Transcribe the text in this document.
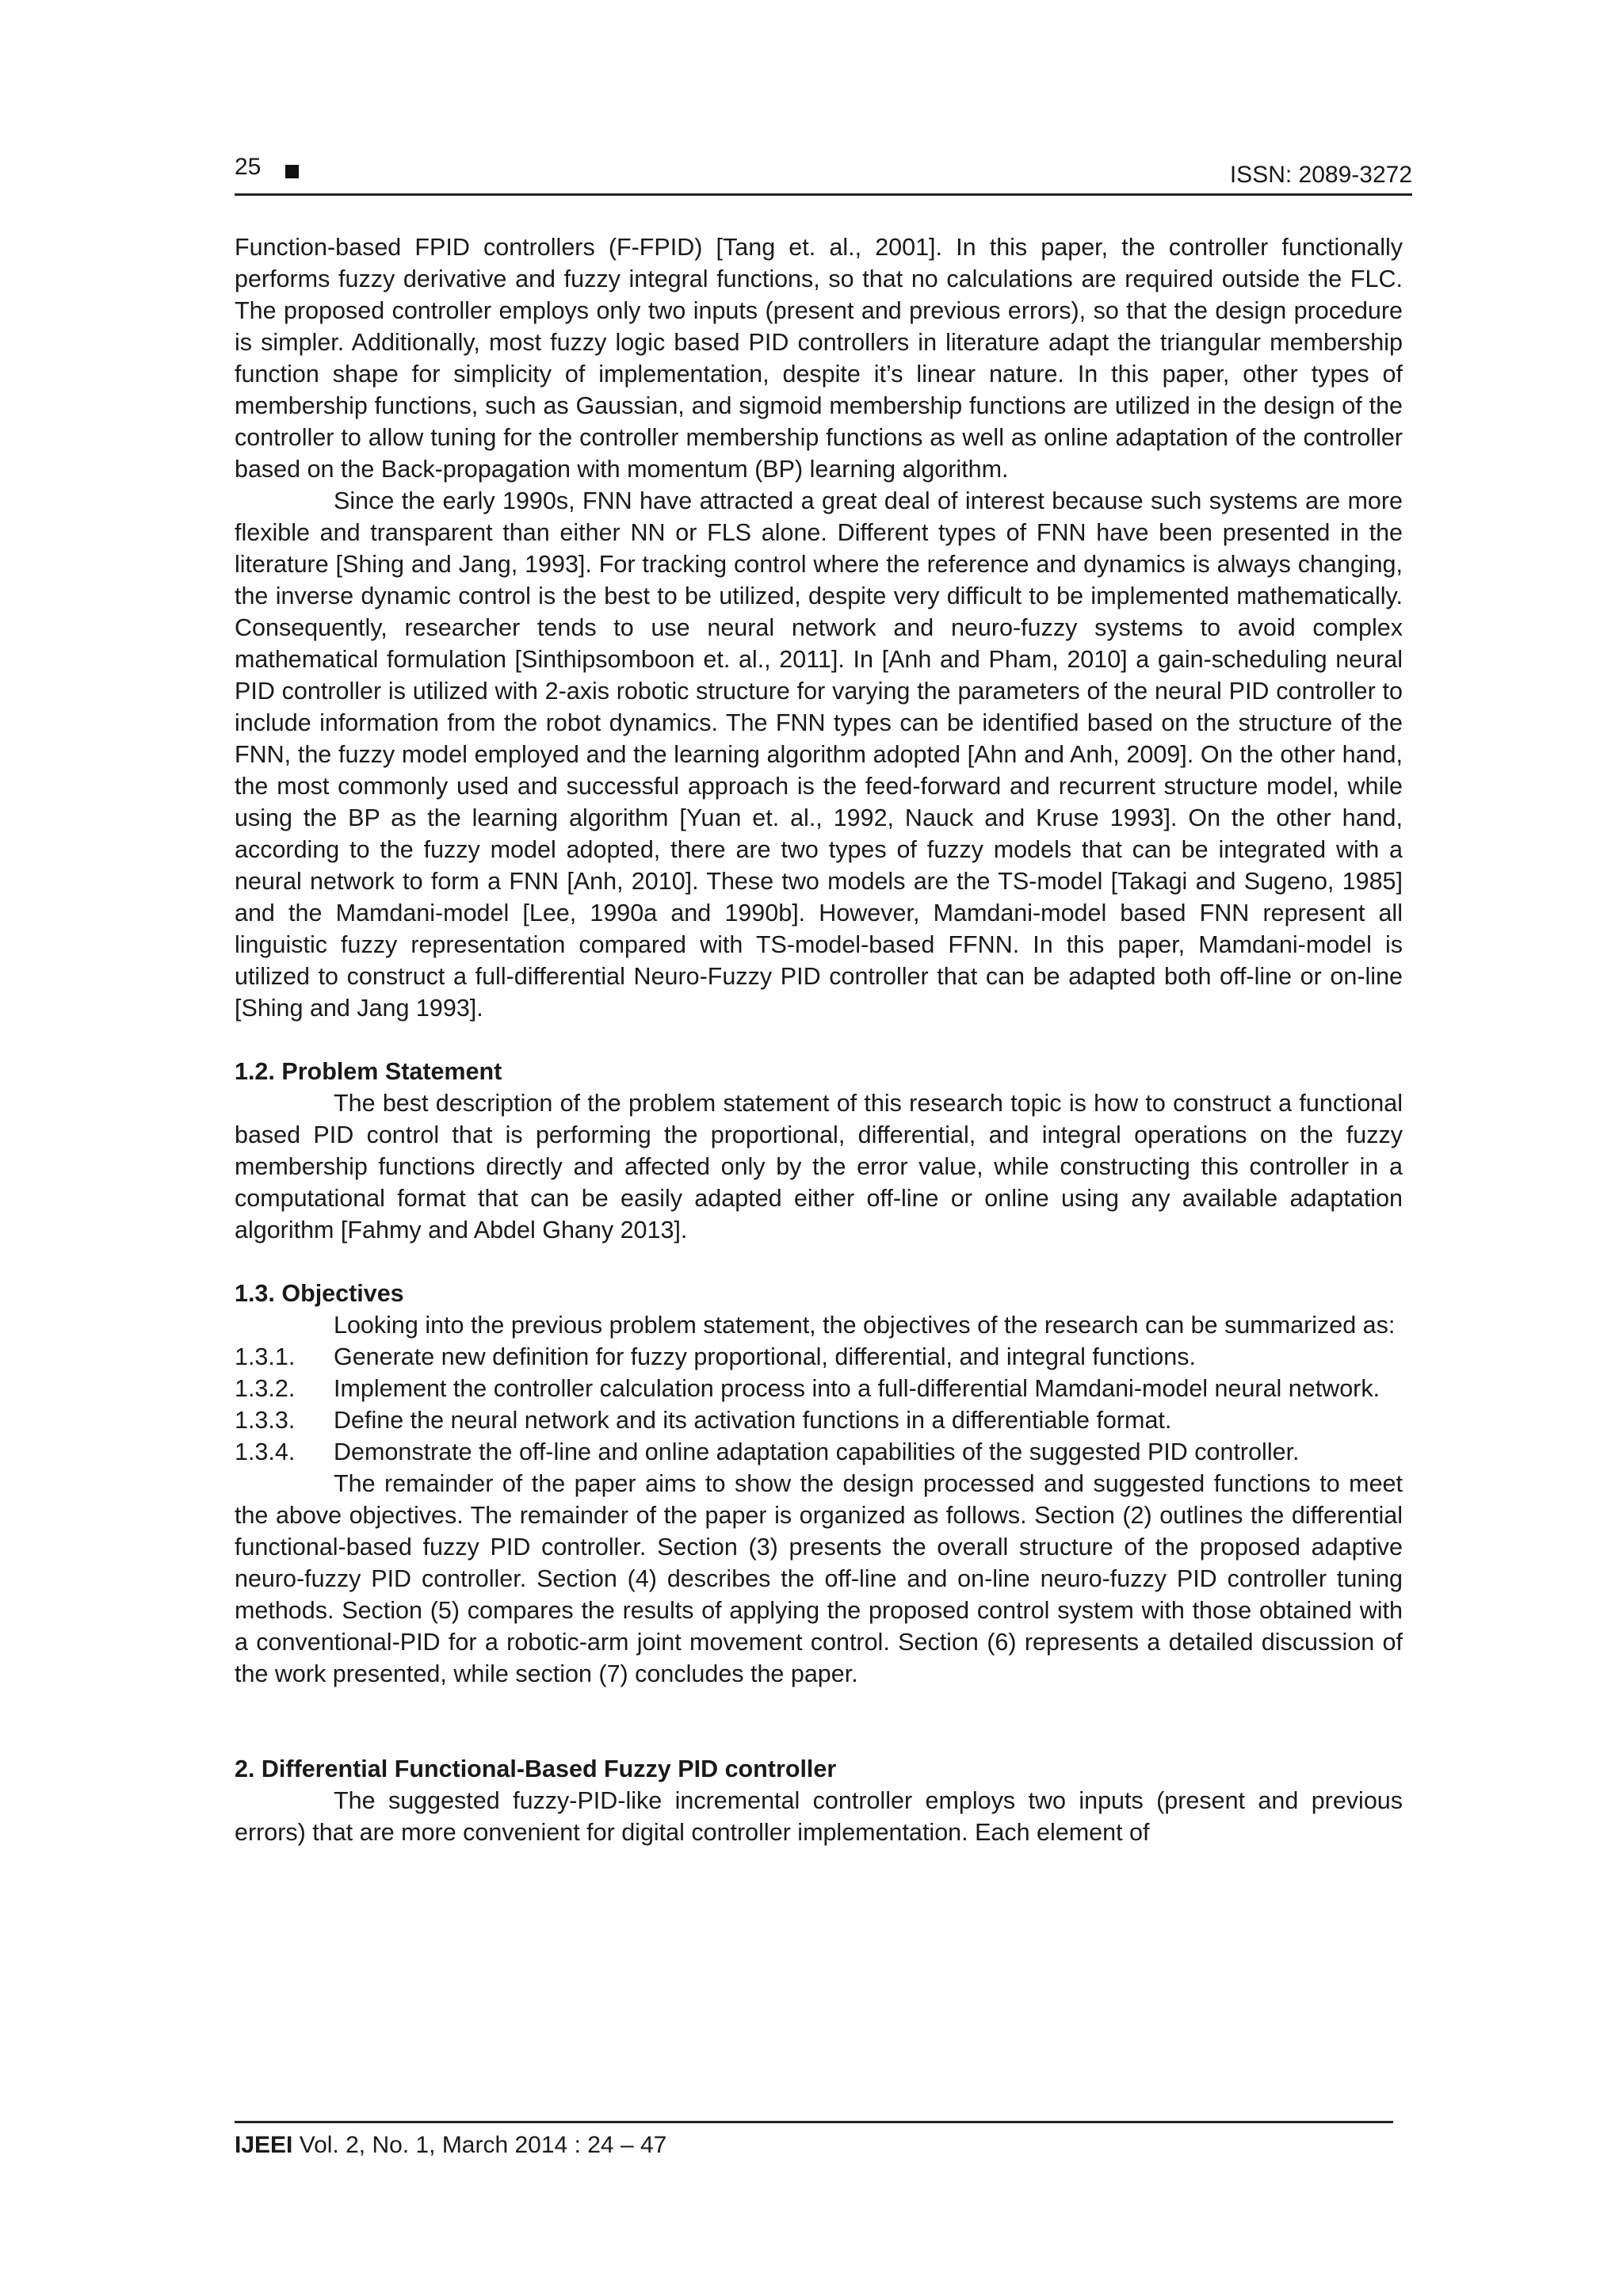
25	ISSN: 2089-3272

Function-based FPID controllers (F-FPID) [Tang et. al., 2001]. In this paper, the controller functionally performs fuzzy derivative and fuzzy integral functions, so that no calculations are required outside the FLC. The proposed controller employs only two inputs (present and previous errors), so that the design procedure is simpler. Additionally, most fuzzy logic based PID controllers in literature adapt the triangular membership function shape for simplicity of implementation, despite it’s linear nature. In this paper, other types of membership functions, such as Gaussian, and sigmoid membership functions are utilized in the design of the controller to allow tuning for the controller membership functions as well as online adaptation of the controller based on the Back-propagation with momentum (BP) learning algorithm.

Since the early 1990s, FNN have attracted a great deal of interest because such systems are more flexible and transparent than either NN or FLS alone. Different types of FNN have been presented in the literature [Shing and Jang, 1993]. For tracking control where the reference and dynamics is always changing, the inverse dynamic control is the best to be utilized, despite very difficult to be implemented mathematically. Consequently, researcher tends to use neural network and neuro-fuzzy systems to avoid complex mathematical formulation [Sinthipsomboon et. al., 2011]. In [Anh and Pham, 2010] a gain-scheduling neural PID controller is utilized with 2-axis robotic structure for varying the parameters of the neural PID controller to include information from the robot dynamics. The FNN types can be identified based on the structure of the FNN, the fuzzy model employed and the learning algorithm adopted [Ahn and Anh, 2009]. On the other hand, the most commonly used and successful approach is the feed-forward and recurrent structure model, while using the BP as the learning algorithm [Yuan et. al., 1992, Nauck and Kruse 1993]. On the other hand, according to the fuzzy model adopted, there are two types of fuzzy models that can be integrated with a neural network to form a FNN [Anh, 2010]. These two models are the TS-model [Takagi and Sugeno, 1985] and the Mamdani-model [Lee, 1990a and 1990b]. However, Mamdani-model based FNN represent all linguistic fuzzy representation compared with TS-model-based FFNN. In this paper, Mamdani-model is utilized to construct a full-differential Neuro-Fuzzy PID controller that can be adapted both off-line or on-line [Shing and Jang 1993].

1.2. Problem Statement

The best description of the problem statement of this research topic is how to construct a functional based PID control that is performing the proportional, differential, and integral operations on the fuzzy membership functions directly and affected only by the error value, while constructing this controller in a computational format that can be easily adapted either off-line or online using any available adaptation algorithm [Fahmy and Abdel Ghany 2013].

1.3. Objectives

Looking into the previous problem statement, the objectives of the research can be summarized as:

1.3.1. Generate new definition for fuzzy proportional, differential, and integral functions.

1.3.2. Implement the controller calculation process into a full-differential Mamdani-model neural network.

1.3.3. Define the neural network and its activation functions in a differentiable format.

1.3.4. Demonstrate the off-line and online adaptation capabilities of the suggested PID controller.

The remainder of the paper aims to show the design processed and suggested functions to meet the above objectives. The remainder of the paper is organized as follows. Section (2) outlines the differential functional-based fuzzy PID controller. Section (3) presents the overall structure of the proposed adaptive neuro-fuzzy PID controller. Section (4) describes the off-line and on-line neuro-fuzzy PID controller tuning methods. Section (5) compares the results of applying the proposed control system with those obtained with a conventional-PID for a robotic-arm joint movement control. Section (6) represents a detailed discussion of the work presented, while section (7) concludes the paper.

2. Differential Functional-Based Fuzzy PID controller

The suggested fuzzy-PID-like incremental controller employs two inputs (present and previous errors) that are more convenient for digital controller implementation. Each element of

IJEEI Vol. 2, No. 1, March 2014 : 24 – 47
